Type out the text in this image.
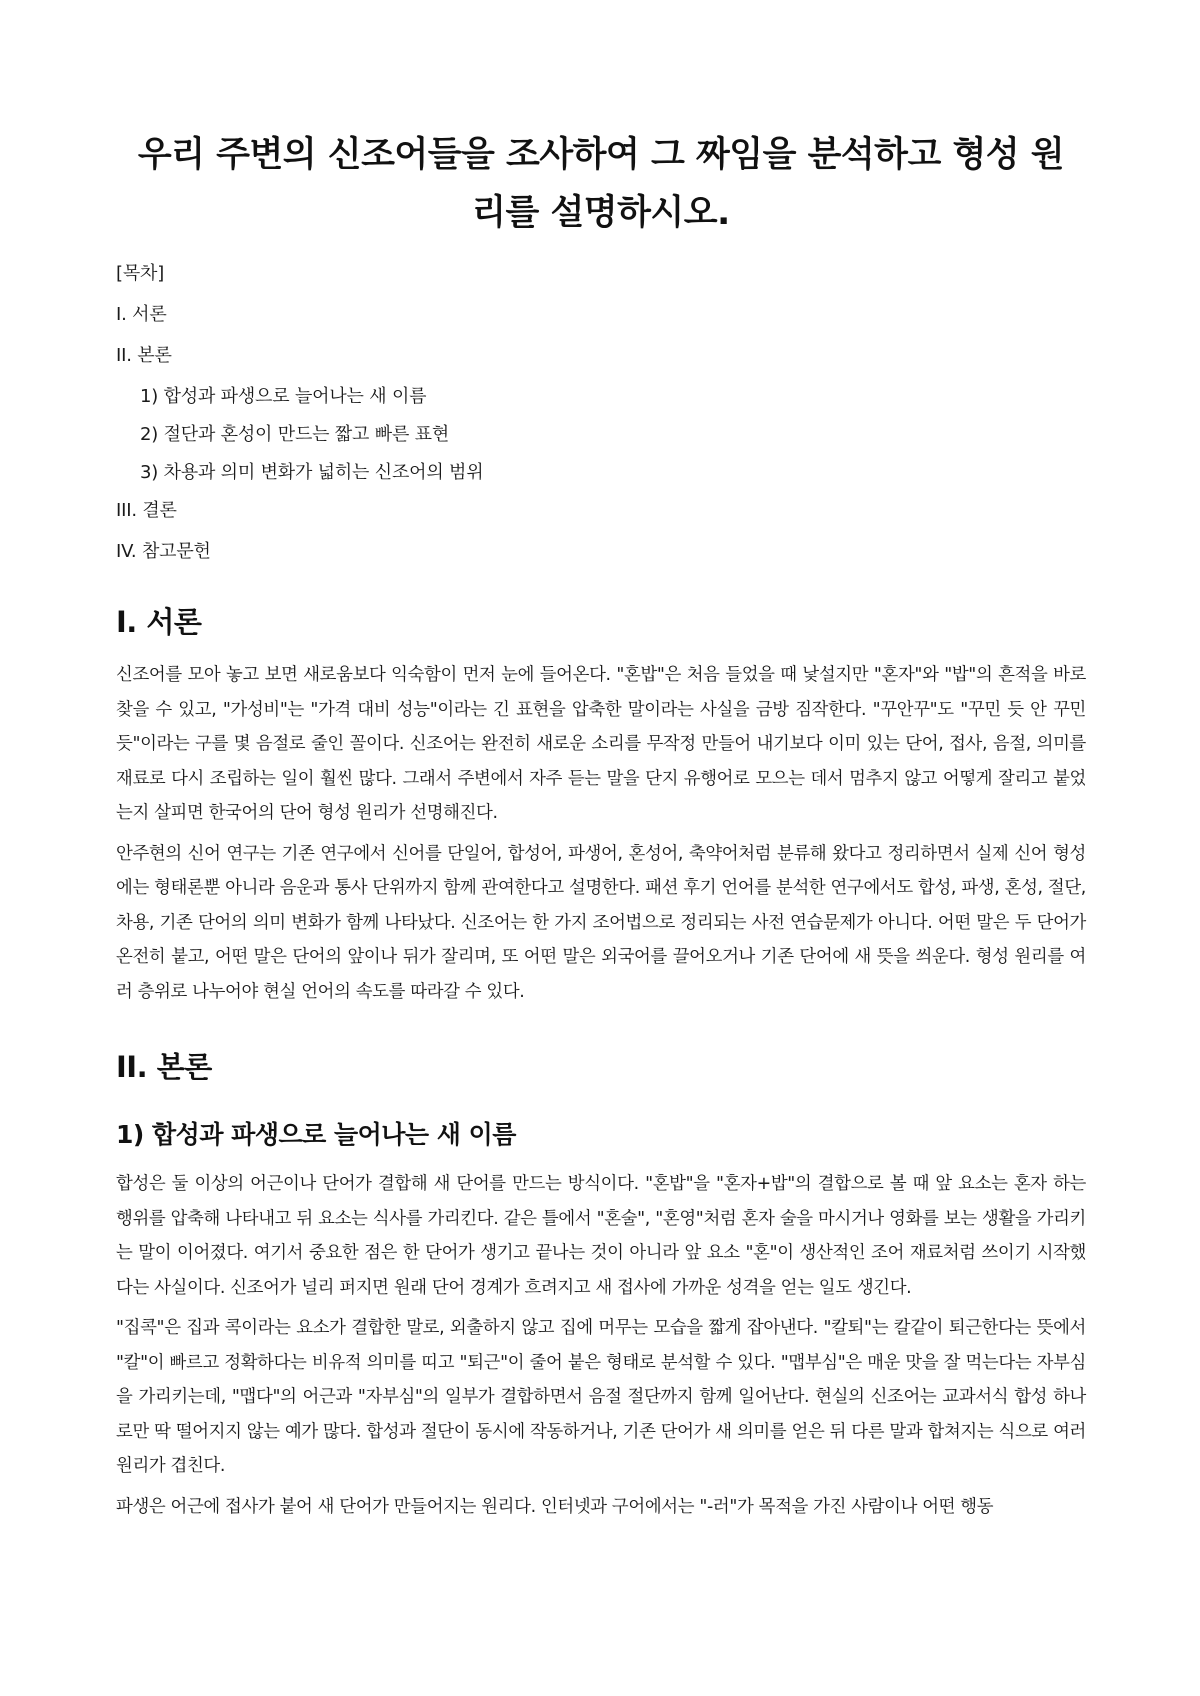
우리 주변의 신조어들을 조사하여 그 짜임을 분석하고 형성 원리를 설명하시오.
[목차]
I. 서론
II. 본론
1) 합성과 파생으로 늘어나는 새 이름
2) 절단과 혼성이 만드는 짧고 빠른 표현
3) 차용과 의미 변화가 넓히는 신조어의 범위
III. 결론
IV. 참고문헌
I. 서론

신조어를 모아 놓고 보면 새로움보다 익숙함이 먼저 눈에 들어온다. "혼밥"은 처음 들었을 때 낯설지만 "혼자"와 "밥"의 흔적을 바로 찾을 수 있고, "가성비"는 "가격 대비 성능"이라는 긴 표현을 압축한 말이라는 사실을 금방 짐작한다. "꾸안꾸"도 "꾸민 듯 안 꾸민 듯"이라는 구를 몇 음절로 줄인 꼴이다. 신조어는 완전히 새로운 소리를 무작정 만들어 내기보다 이미 있는 단어, 접사, 음절, 의미를 재료로 다시 조립하는 일이 훨씬 많다. 그래서 주변에서 자주 듣는 말을 단지 유행어로 모으는 데서 멈추지 않고 어떻게 잘리고 붙었는지 살피면 한국어의 단어 형성 원리가 선명해진다.

안주현의 신어 연구는 기존 연구에서 신어를 단일어, 합성어, 파생어, 혼성어, 축약어처럼 분류해 왔다고 정리하면서 실제 신어 형성에는 형태론뿐 아니라 음운과 통사 단위까지 함께 관여한다고 설명한다. 패션 후기 언어를 분석한 연구에서도 합성, 파생, 혼성, 절단, 차용, 기존 단어의 의미 변화가 함께 나타났다. 신조어는 한 가지 조어법으로 정리되는 사전 연습문제가 아니다. 어떤 말은 두 단어가 온전히 붙고, 어떤 말은 단어의 앞이나 뒤가 잘리며, 또 어떤 말은 외국어를 끌어오거나 기존 단어에 새 뜻을 씌운다. 형성 원리를 여러 층위로 나누어야 현실 언어의 속도를 따라갈 수 있다.

II. 본론
1) 합성과 파생으로 늘어나는 새 이름

합성은 둘 이상의 어근이나 단어가 결합해 새 단어를 만드는 방식이다. "혼밥"을 "혼자+밥"의 결합으로 볼 때 앞 요소는 혼자 하는 행위를 압축해 나타내고 뒤 요소는 식사를 가리킨다. 같은 틀에서 "혼술", "혼영"처럼 혼자 술을 마시거나 영화를 보는 생활을 가리키는 말이 이어졌다. 여기서 중요한 점은 한 단어가 생기고 끝나는 것이 아니라 앞 요소 "혼"이 생산적인 조어 재료처럼 쓰이기 시작했다는 사실이다. 신조어가 널리 퍼지면 원래 단어 경계가 흐려지고 새 접사에 가까운 성격을 얻는 일도 생긴다.

"집콕"은 집과 콕이라는 요소가 결합한 말로, 외출하지 않고 집에 머무는 모습을 짧게 잡아낸다. "칼퇴"는 칼같이 퇴근한다는 뜻에서 "칼"이 빠르고 정확하다는 비유적 의미를 띠고 "퇴근"이 줄어 붙은 형태로 분석할 수 있다. "맵부심"은 매운 맛을 잘 먹는다는 자부심을 가리키는데, "맵다"의 어근과 "자부심"의 일부가 결합하면서 음절 절단까지 함께 일어난다. 현실의 신조어는 교과서식 합성 하나로만 딱 떨어지지 않는 예가 많다. 합성과 절단이 동시에 작동하거나, 기존 단어가 새 의미를 얻은 뒤 다른 말과 합쳐지는 식으로 여러 원리가 겹친다.

파생은 어근에 접사가 붙어 새 단어가 만들어지는 원리다. 인터넷과 구어에서는 "-러"가 목적을 가진 사람이나 어떤 행동
